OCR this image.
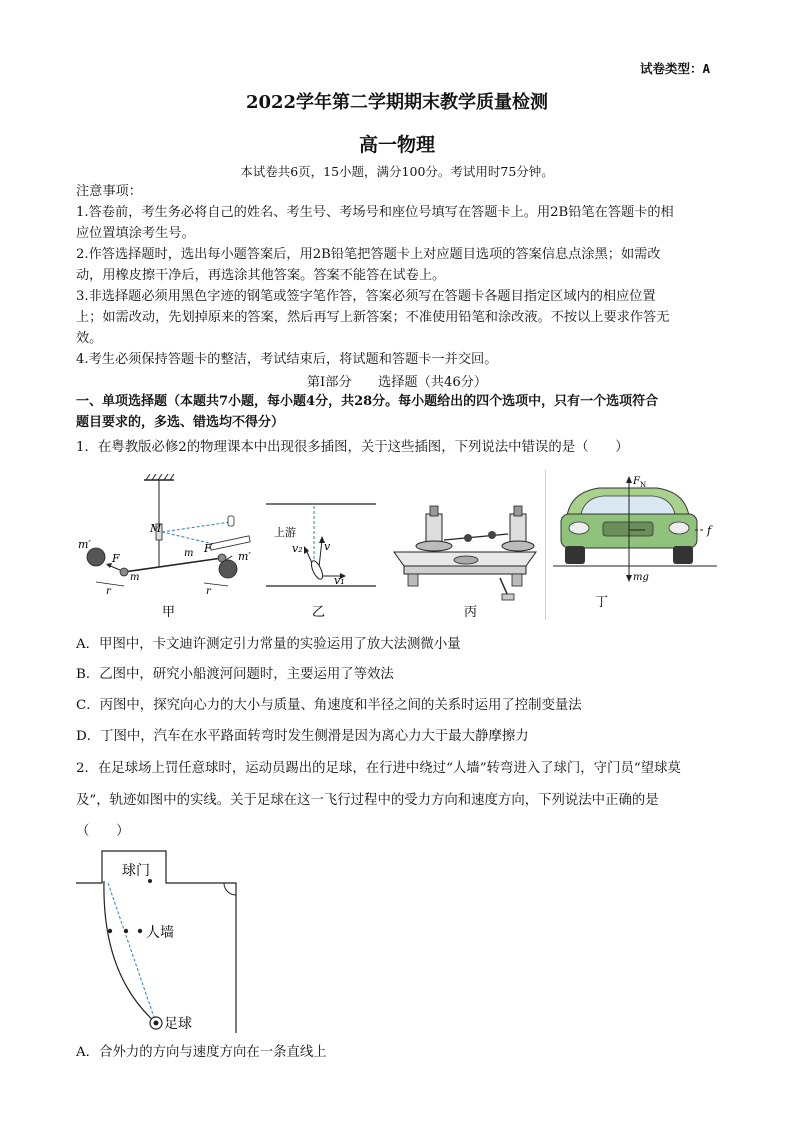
试卷类型：A
2022学年第二学期期末教学质量检测
高一物理
本试卷共6页，15小题，满分100分。考试用时75分钟。
注意事项：
1.答卷前，考生务必将自己的姓名、考生号、考场号和座位号填写在答题卡上。用2B铅笔在答题卡的相
应位置填涂考生号。
2.作答选择题时，选出每小题答案后，用2B铅笔把答题卡上对应题目选项的答案信息点涂黑；如需改
动，用橡皮擦干净后，再选涂其他答案。答案不能答在试卷上。
3.非选择题必须用黑色字迹的钢笔或签字笔作答，答案必须写在答题卡各题目指定区域内的相应位置
上；如需改动，先划掉原来的答案，然后再写上新答案；不准使用铅笔和涂改液。不按以上要求作答无
效。
4.考生必须保持答题卡的整洁，考试结束后，将试题和答题卡一并交回。
第Ⅰ部分　　选择题（共46分）
一、单项选择题（本题共7小题，每小题4分，共28分。每小题给出的四个选项中，只有一个选项符合
题目要求的，多选、错选均不得分）
1．在粤教版必修2的物理课本中出现很多插图，关于这些插图，下列说法中错误的是（　　）
M
m′
m′
F
F
m
m
r	r
甲
上游
v₂ v
v₁
乙	丙
F N
f
mg
丁
A．甲图中，卡文迪许测定引力常量的实验运用了放大法测微小量
B．乙图中，研究小船渡河问题时，主要运用了等效法
C．丙图中，探究向心力的大小与质量、角速度和半径之间的关系时运用了控制变量法
D．丁图中，汽车在水平路面转弯时发生侧滑是因为离心力大于最大静摩擦力
2．在足球场上罚任意球时，运动员踢出的足球，在行进中绕过“人墙”转弯进入了球门，守门员“望球莫
及”，轨迹如图中的实线。关于足球在这一飞行过程中的受力方向和速度方向，下列说法中正确的是
（　　）
球门
人墙
足球
A．合外力的方向与速度方向在一条直线上
